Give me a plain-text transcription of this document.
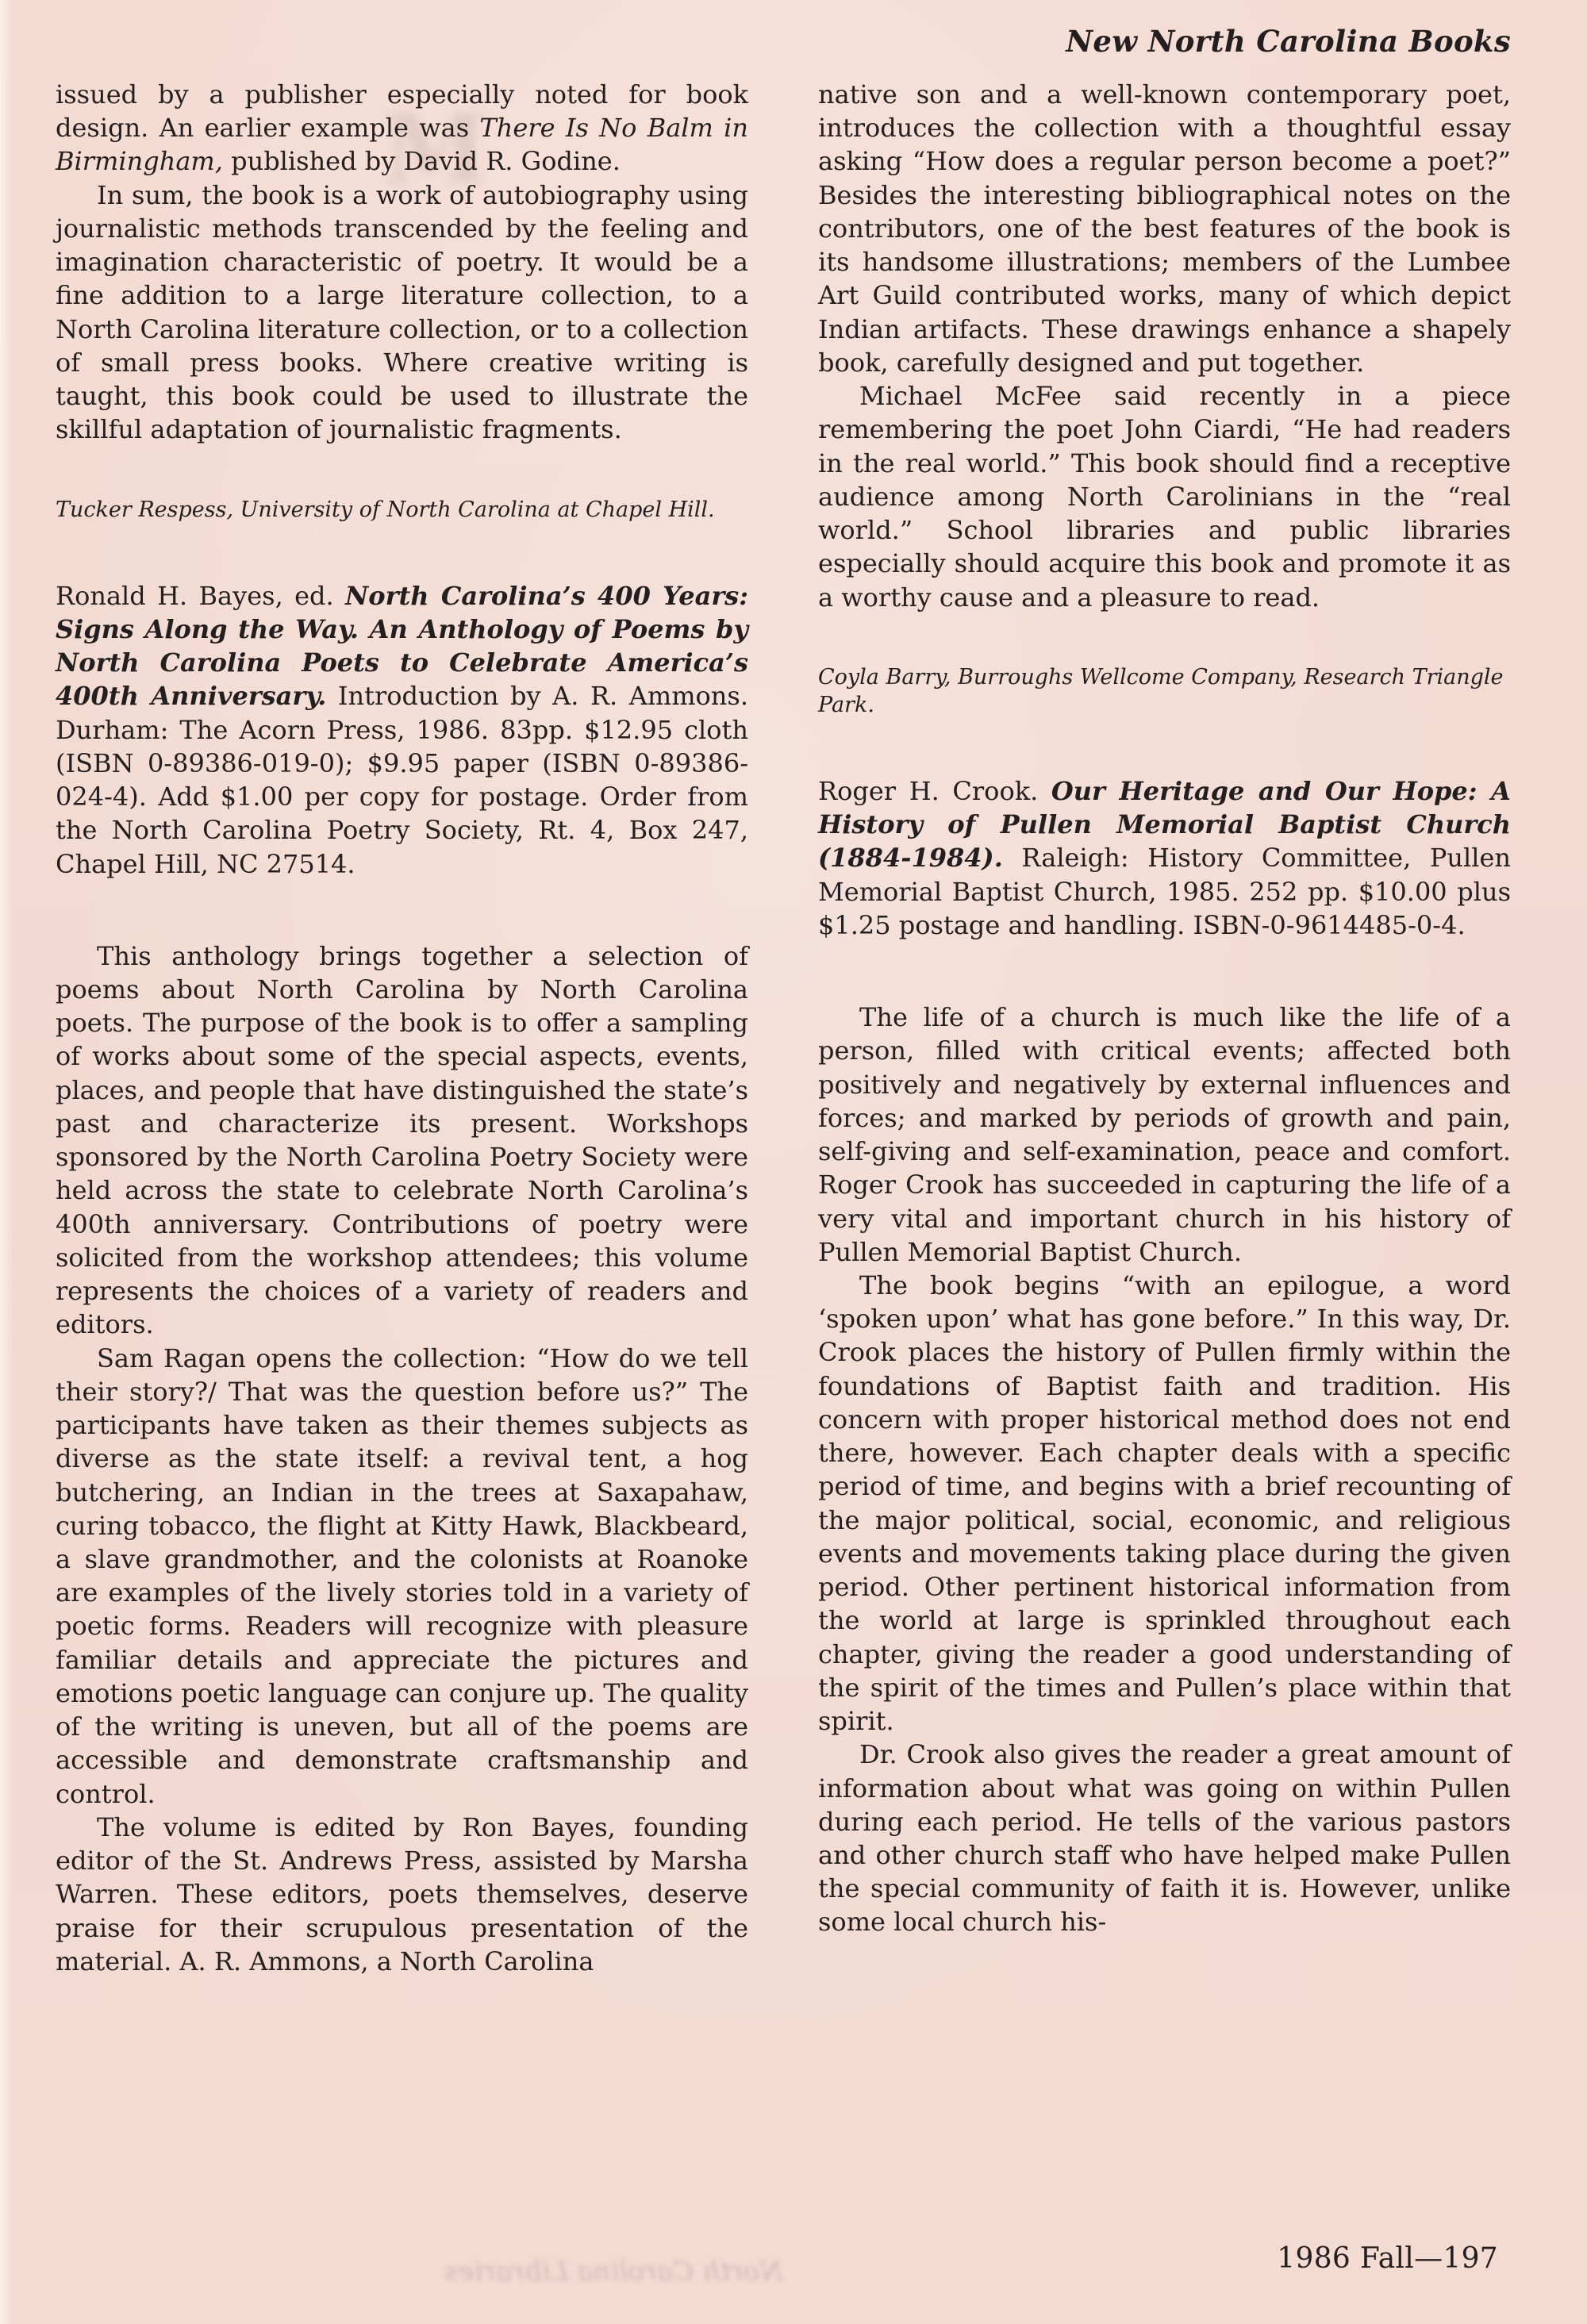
M
New North Carolina Books

issued by a publisher especially noted for book design. An earlier example was There Is No Balm in Birmingham, published by David R. Godine.

In sum, the book is a work of autobiography using journalistic methods transcended by the feeling and imagination characteristic of poetry. It would be a fine addition to a large literature collection, to a North Carolina literature collection, or to a collection of small press books. Where creative writing is taught, this book could be used to illustrate the skillful adaptation of journalistic fragments.

Tucker Respess, University of North Carolina at Chapel Hill.

Ronald H. Bayes, ed. North Carolina’s 400 Years: Signs Along the Way. An Anthology of Poems by North Carolina Poets to Celebrate America’s 400th Anniversary. Introduction by A. R. Ammons. Durham: The Acorn Press, 1986. 83pp. $12.95 cloth (ISBN 0-89386-019-0); $9.95 paper (ISBN 0-89386-024-4). Add $1.00 per copy for postage. Order from the North Carolina Poetry Society, Rt. 4, Box 247, Chapel Hill, NC 27514.

This anthology brings together a selection of poems about North Carolina by North Carolina poets. The purpose of the book is to offer a sampling of works about some of the special aspects, events, places, and people that have distinguished the state’s past and characterize its present. Workshops sponsored by the North Carolina Poetry Society were held across the state to celebrate North Carolina’s 400th anniversary. Contributions of poetry were solicited from the workshop attendees; this volume represents the choices of a variety of readers and editors.

Sam Ragan opens the collection: “How do we tell their story?/ That was the question before us?” The participants have taken as their themes subjects as diverse as the state itself: a revival tent, a hog butchering, an Indian in the trees at Saxapahaw, curing tobacco, the flight at Kitty Hawk, Blackbeard, a slave grandmother, and the colonists at Roanoke are examples of the lively stories told in a variety of poetic forms. Readers will recognize with pleasure familiar details and appreciate the pictures and emotions poetic language can conjure up. The quality of the writing is uneven, but all of the poems are accessible and demonstrate craftsmanship and control.

The volume is edited by Ron Bayes, founding editor of the St. Andrews Press, assisted by Marsha Warren. These editors, poets themselves, deserve praise for their scrupulous presentation of the material. A. R. Ammons, a North Carolina

native son and a well-known contemporary poet, introduces the collection with a thoughtful essay asking “How does a regular person become a poet?” Besides the interesting bibliographical notes on the contributors, one of the best features of the book is its handsome illustrations; members of the Lumbee Art Guild contributed works, many of which depict Indian artifacts. These drawings enhance a shapely book, carefully designed and put together.

Michael McFee said recently in a piece remembering the poet John Ciardi, “He had readers in the real world.” This book should find a receptive audience among North Carolinians in the “real world.” School libraries and public libraries especially should acquire this book and promote it as a worthy cause and a pleasure to read.

Coyla Barry, Burroughs Wellcome Company, Research Triangle Park.

Roger H. Crook. Our Heritage and Our Hope: A History of Pullen Memorial Baptist Church (1884-1984). Raleigh: History Committee, Pullen Memorial Baptist Church, 1985. 252 pp. $10.00 plus $1.25 postage and handling. ISBN-0-9614485-0-4.

The life of a church is much like the life of a person, filled with critical events; affected both positively and negatively by external influences and forces; and marked by periods of growth and pain, self-giving and self-examination, peace and comfort. Roger Crook has succeeded in capturing the life of a very vital and important church in his history of Pullen Memorial Baptist Church.

The book begins “with an epilogue, a word ‘spoken upon’ what has gone before.” In this way, Dr. Crook places the history of Pullen firmly within the foundations of Baptist faith and tradition. His concern with proper historical method does not end there, however. Each chapter deals with a specific period of time, and begins with a brief recounting of the major political, social, economic, and religious events and movements taking place during the given period. Other pertinent historical information from the world at large is sprinkled throughout each chapter, giving the reader a good understanding of the spirit of the times and Pullen’s place within that spirit.

Dr. Crook also gives the reader a great amount of information about what was going on within Pullen during each period. He tells of the various pastors and other church staff who have helped make Pullen the special community of faith it is. However, unlike some local church his-

North Carolina Libraries	1986 Fall—197
